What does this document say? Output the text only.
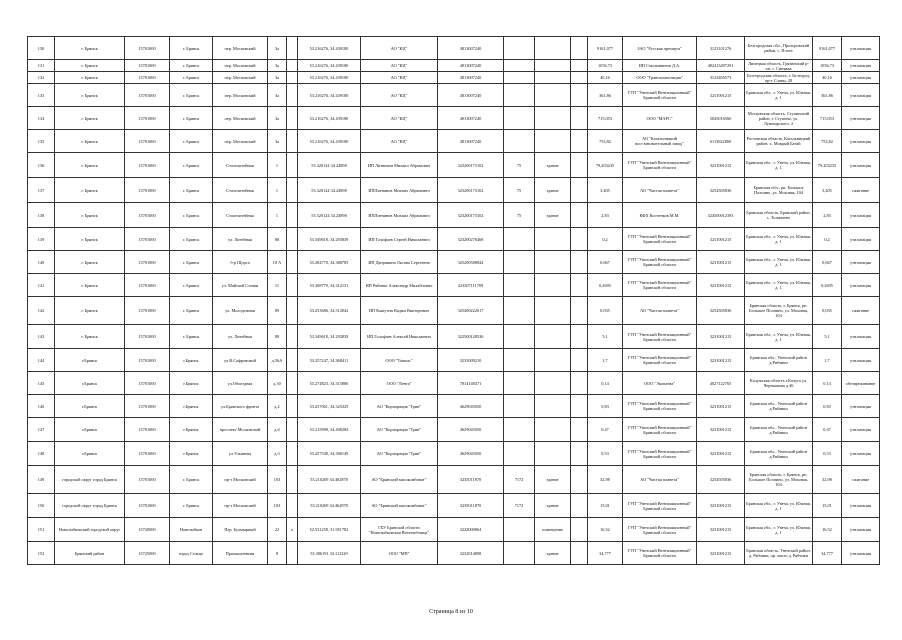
130	г. Брянск	15701000	г. Брянск	пер. Московский	3а		53.216276, 34.439180	АО "КЦ"	4813007240				9161,077	ЗАО "Русская премиум"	3123101276	Белгородская обл., Прохоровский район, с. Плота	9161,077	утилизация
131	г. Брянск	15701000	г. Брянск	пер. Московский	3а		53.216276, 34.439180	АО "КЦ"	4813007240				1056,73	ИП Смольянинов Д.А.	482413497291	Липецкая область, Грязинский р-он, с. Синявка	1056,73	утилизация
132	г. Брянск	15701000	г. Брянск	пер. Московский	3а		53.216276, 34.439180	АО "КЦ"	4813007240				40,16	ООО "Транскомпозиция"	3123405573	Белгородская область, г. Белгород, пр-т Славы, 28	40,16	утилизация
133	г. Брянск	15701000	г. Брянск	пер. Московский	3а		53.216276, 34.439180	АО "КЦ"	4813007240				361,86	ГУП "Унечский Вентиляционный" Брянской области	3231001215	Брянская обл., г. Унеча, ул. Южная, д. 1	361,86	утилизация
134	г. Брянск	15701000	г. Брянск	пер. Московский	3а		53.216276, 34.439180	АО "КЦ"	4813007240				715,053	ООО "МАРС"	5045016560	Московская область, Ступинский район, г. Ступино, ул. Луначарского, 2	715,053	утилизация
135	г. Брянск	15701000	г. Брянск	пер. Московский	3а		53.216276, 34.439180	АО "КЦ"	4813007240				753,82	АО "Кагальницкий восстановительный завод"	6113022800	Ростовская область, Кагальницкий район, х. Мокрый Батай	753,82	утилизация
136	г. Брянск	15701000	г. Брянск	Сталелитейная	1		53.320124 34.24898	ИП Литвинов Михаил Абрамович	323200173102	75	здание		79,203235	ГУП "Унечский Вентиляционный" Брянской области	3231001215	Брянская обл., г. Унеча, ул. Южная, д. 1	79,203235	утилизация
137	г. Брянск	15701000	г. Брянск	Сталелитейная	1		53.320124 34.24898	ИПЛитвинов Михаил Абрамович	323200173102	75	здание		3,405	АО "Чистая планета"	3254505836	Брянская обл., рп. Большое Полпино, ул. Моховая, 104	3,405	сжигание
138	г. Брянск	15701000	г. Брянск	Сталелитейная	1		53.320124 34.24898	ИПЛитвинов Михаил Абрамович	323200173102	75	здание		2,83	КФХ Костенков М.М.	324500012393	Брянская область, Брянский район, с. Толмачево	2,83	утилизация
139	г. Брянск	15701000	г. Брянск	ул. Литейная	88		53.349618, 34.293839	ИП Голофаев Сергей Николаевич	323200276468				0,2	ГУП "Унечский Вентиляционный" Брянской области	3231001215	Брянская обл., г. Унеча, ул. Южная, д. 1	0,2	утилизация
140	г. Брянск	15701000	г. Брянск	б-р Щорса	10 А		53.284770, 34.388785	ИП Дворянина Оксана Сергеевна	325200588844				0,667	ГУП "Унечский Вентиляционный" Брянской области	3231001215	Брянская обл., г. Унеча, ул. Южная, д. 1	0,667	утилизация
141	г. Брянск	15701000	г. Брянск	ул. Майской Стачки	11		53.308779, 34.312131	ИП Рябенко Александр Михайлович	323507111709				0,2695	ГУП "Унечский Вентиляционный" Брянской области	3231001215	Брянская обл., г. Унеча, ул. Южная, д. 1	0,2695	утилизация
142	г. Брянск	15701000	г. Брянск	ул. Молодежная	89		53.253686, 34.512042	ИП Кашутин Вадим Викторович	325400222617				0,035	АО "Чистая планета"	3254505836	Брянская область, г. Брянск, рп. Большое Полпино, ул. Моховая, 104	0,035	сжигание
143	г. Брянск	15701000	г. Брянск	ул. Литейная	88		53.349618, 34.293839	ИП Голофаев Алексей Николаевич	322500128536				5,1	ГУП "Унечский Вентиляционный" Брянской области	3231001215	Брянская обл., г. Унеча, ул. Южная, д. 1	5,1	утилизация
144	г.Брянск	15701000	г.Брянск	ул.В.Сафроновой	д.56А		53.257247, 34.368411	ООО "Тонкис"	3235009210				1,7	ГУП "Унечский Вентиляционный" Брянской области	3231001215	Брянская обл., Унечский район д.Рябчики	1,7	утилизация
145	г.Брянск	15701000	г.Брянск	ул.Объездная	д.30		53.274823, 34.315886	ООО "Лента"	7814148471				0,14	ООО "Экопатна"	4027122765	Калужская область г.Калуга ул. Чернышева д.46	0,14	обезвреживание
146	г.Брянск	15701000	г.Брянск	ул.Брянского фронта	д.2		53.257061, 34.323325	АО "Корпорация "Грин"	4629045050				0,83	ГУП "Унечский Вентиляционный" Брянской области	3231001215	Брянская обл., Унечский район д.Рябчики	0,83	утилизация
147	г.Брянск	15701000	г.Брянск	проспект Московский	д.4		53.215998, 34.408284	АО "Корпорация "Грин"	4629045050				0,47	ГУП "Унечский Вентиляционный" Брянской области	3231001215	Брянская обл., Унечский район д.Рябчики	0,47	утилизация
148	г.Брянск	15701000	г.Брянск	ул.Ульянова	д.3		53.257548, 34.306149	АО "Корпорация "Грин"	4629045050				0,53	ГУП "Унечский Вентиляционный" Брянской области	3231001215	Брянская обл., Унечский район д.Рябчики	0,53	утилизация
149	городской округ город Брянск	15701000	г. Брянск	пр-т Московский	103		53.210269 34.462878	АО "Брянский мясокомбинат"	3235011870	7172	здание		32,98	АО "Чистая планета"	3254505836	Брянская область, г. Брянск, рп. Большое Полпино, ул. Моховая, 104	32,98	сжигание
150	городской округ город Брянск	15701000	г. Брянск	пр-т Московский	103		53.210269 34.462878	АО "Брянский мясокомбинат"	3235011870	7172	здание		15,01	ГУП "Унечский Вентиляционный" Брянской области	3231001215	Брянская обл., г. Унеча, ул. Южная, д. 1	15,01	утилизация
151	Новозыбковский городской округ	15720000	Новозыбков	Пер. Бульварный	22	а	52.531258, 31.951782	ГБУ Брянской области "Новозыбковская Ветлечебница"	3222000864		помещение		16,52	ГУП "Унечский Вентиляционный" Брянской области	3231001215	Брянская обл., г. Унеча, ул. Южная, д. 1	16,52	утилизация
152	Брянский район	15725000	город Сельцо	Промышленная	8		53.386191 34.112229	ООО "МП"	3232014898		здание		34,777	ГУП "Унечский Вентиляционный" Брянской области	3231001215	Брянская область, Унечский район, д. Рябчики, пр. около д. Рябчики	34,777	утилизация
Страница 8 из 10
